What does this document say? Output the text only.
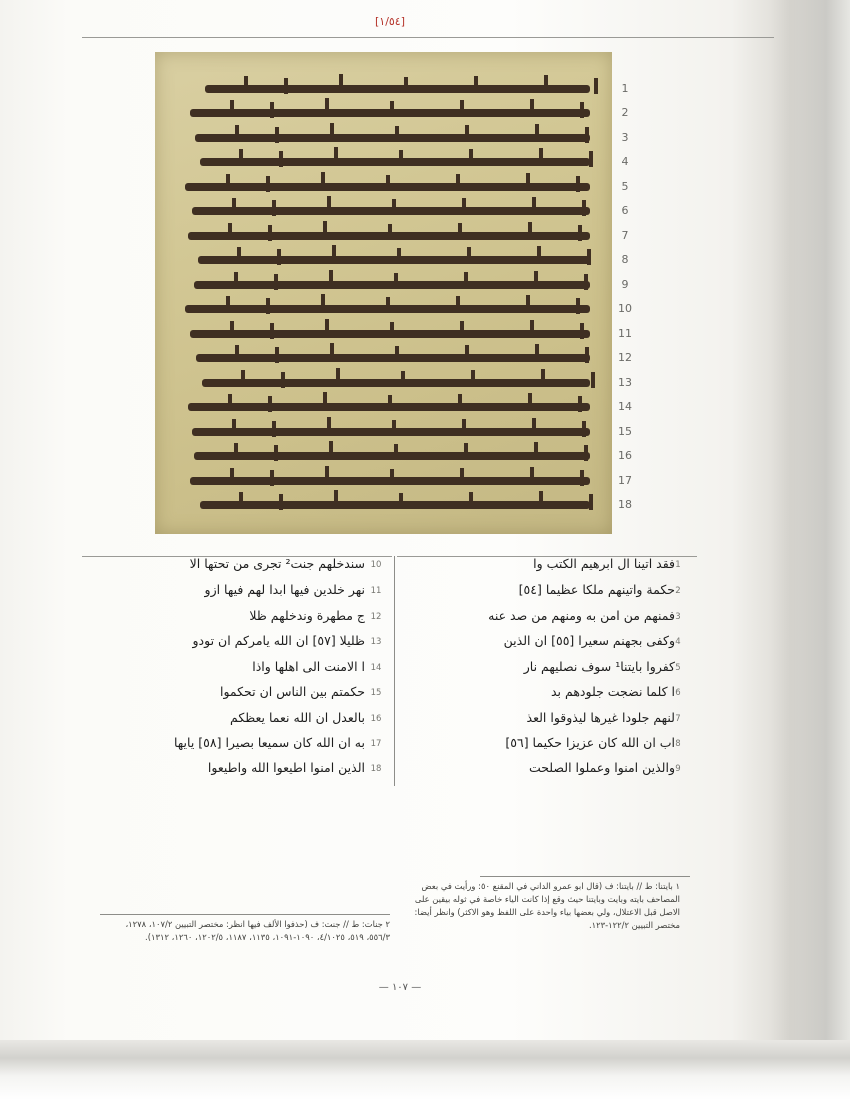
[١/٥٤]
1
2
3
4
5
6
7
8
9
10
11
12
13
14
15
16
17
18
فقد اتينا ال ابرهيم الكتب وا
حكمة واتينهم ملكا عظيما [٥٤]
فمنهم من امن به ومنهم من صد عنه
وكفى بجهنم سعيرا [٥٥] ان الذين
كفروا بايتنا¹ سوف نصليهم نار
ا كلما نضجت جلودهم بد
لنهم جلودا غيرها ليذوقوا العذ
اب ان الله كان عزيزا حكيما [٥٦]
والذين امنوا وعملوا الصلحت
1
2
3
4
5
6
7
8
9
سندخلهم جنت² تجرى من تحتها الا
نهر خلدين فيها ابدا لهم فيها ازو
ج مطهرة وندخلهم ظلا
ظليلا [٥٧] ان الله يامركم ان تودو
ا الامنت الى اهلها واذا
حكمتم بين الناس ان تحكموا
بالعدل ان الله نعما يعظكم
به ان الله كان سميعا بصيرا [٥٨] يايها
الذين امنوا اطيعوا الله واطيعوا
10
11
12
13
14
15
16
17
18
١ بايتنا: ط // بايتنا: ف (قال ابو عمرو الداني في المقنع ٥٠: ورأيت في بعض المصاحف بايته وبايت وبايتنا حيث وقع إذا كانت الياء خاصة في ثوله بيقين على الاصل قبل الاعتلال، ولي بعضها بياء واحدة على اللفظ وهو الاكثر) وانظر أيضا: مختصر التبيين ١٢٢/٢-١٢٣.
٢ جنات: ط // جنت: ف (حذفوا الألف فيها انظر: مختصر التبيين ١٠٧/٢، ١٢٧٨، ٥٥٦/٣، ٥١٩، ٤/١٠٢٥، ١٠٩٠-١٠٩١، ١١٣٥، ١١٨٧، ١٢٠٢/٥، ١٢٦٠، ١٣١٢).
— ١٠٧ —
